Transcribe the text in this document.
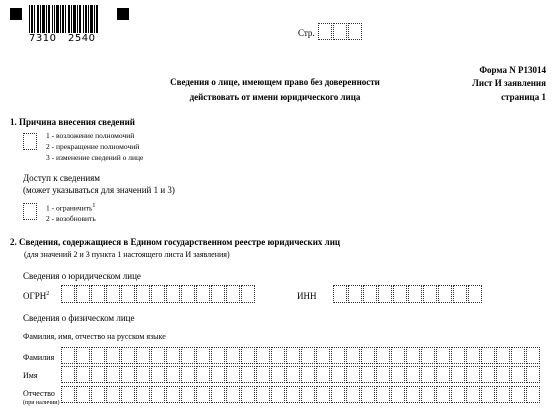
7310 2540	Стр.
Форма N Р13014
Лист И заявления
страница 1
Сведения о лице, имеющем право без доверенности
действовать от имени юридического лица
1. Причина внесения сведений
1 - возложение полномочий
2 - прекращение полномочий
3 - изменение сведений о лице
Доступ к сведениям
(может указываться для значений 1 и 3)
1 - ограничить$^1$
2 - возобновить
2. Сведения, содержащиеся в Едином государственном реестре юридических лиц
(для значений 2 и 3 пункта 1 настоящего листа И заявления)
Сведения о юридическом лице
ОГРН$^2$	ИНН
Сведения о физическом лице
Фамилия, имя, отчество на русском языке
Фамилия
Имя
Отчество
(при наличии)
